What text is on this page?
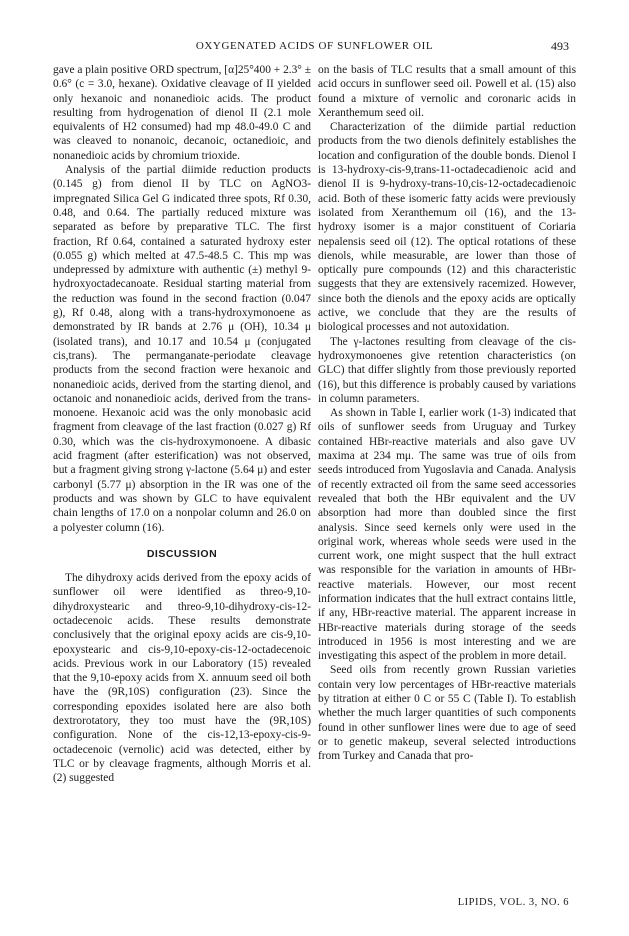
OXYGENATED ACIDS OF SUNFLOWER OIL	493

gave a plain positive ORD spectrum, [α]25°400 + 2.3° ± 0.6° (c = 3.0, hexane). Oxidative cleavage of II yielded only hexanoic and nonanedioic acids. The product resulting from hydrogenation of dienol II (2.1 mole equivalents of H2 consumed) had mp 48.0-49.0 C and was cleaved to nonanoic, decanoic, octanedioic, and nonanedioic acids by chromium trioxide.

Analysis of the partial diimide reduction products (0.145 g) from dienol II by TLC on AgNO3-impregnated Silica Gel G indicated three spots, Rf 0.30, 0.48, and 0.64. The partially reduced mixture was separated as before by preparative TLC. The first fraction, Rf 0.64, contained a saturated hydroxy ester (0.055 g) which melted at 47.5-48.5 C. This mp was undepressed by admixture with authentic (±) methyl 9-hydroxyoctadecanoate. Residual starting material from the reduction was found in the second fraction (0.047 g), Rf 0.48, along with a trans-hydroxymonoene as demonstrated by IR bands at 2.76 μ (OH), 10.34 μ (isolated trans), and 10.17 and 10.54 μ (conjugated cis,trans). The permanganate-periodate cleavage products from the second fraction were hexanoic and nonanedioic acids, derived from the starting dienol, and octanoic and nonanedioic acids, derived from the trans-monoene. Hexanoic acid was the only monobasic acid fragment from cleavage of the last fraction (0.027 g) Rf 0.30, which was the cis-hydroxymonoene. A dibasic acid fragment (after esterification) was not observed, but a fragment giving strong γ-lactone (5.64 μ) and ester carbonyl (5.77 μ) absorption in the IR was one of the products and was shown by GLC to have equivalent chain lengths of 17.0 on a nonpolar column and 26.0 on a polyester column (16).

DISCUSSION

The dihydroxy acids derived from the epoxy acids of sunflower oil were identified as threo-9,10-dihydroxystearic and threo-9,10-dihydroxy-cis-12-octadecenoic acids. These results demonstrate conclusively that the original epoxy acids are cis-9,10-epoxystearic and cis-9,10-epoxy-cis-12-octadecenoic acids. Previous work in our Laboratory (15) revealed that the 9,10-epoxy acids from X. annuum seed oil both have the (9R,10S) configuration (23). Since the corresponding epoxides isolated here are also both dextrorotatory, they too must have the (9R,10S) configuration. None of the cis-12,13-epoxy-cis-9-octadecenoic (vernolic) acid was detected, either by TLC or by cleavage fragments, although Morris et al. (2) suggested

on the basis of TLC results that a small amount of this acid occurs in sunflower seed oil. Powell et al. (15) also found a mixture of vernolic and coronaric acids in Xeranthemum seed oil.

Characterization of the diimide partial reduction products from the two dienols definitely establishes the location and configuration of the double bonds. Dienol I is 13-hydroxy-cis-9,trans-11-octadecadienoic acid and dienol II is 9-hydroxy-trans-10,cis-12-octadecadienoic acid. Both of these isomeric fatty acids were previously isolated from Xeranthemum oil (16), and the 13-hydroxy isomer is a major constituent of Coriaria nepalensis seed oil (12). The optical rotations of these dienols, while measurable, are lower than those of optically pure compounds (12) and this characteristic suggests that they are extensively racemized. However, since both the dienols and the epoxy acids are optically active, we conclude that they are the results of biological processes and not autoxidation.

The γ-lactones resulting from cleavage of the cis-hydroxymonoenes give retention characteristics (on GLC) that differ slightly from those previously reported (16), but this difference is probably caused by variations in column parameters.

As shown in Table I, earlier work (1-3) indicated that oils of sunflower seeds from Uruguay and Turkey contained HBr-reactive materials and also gave UV maxima at 234 mμ. The same was true of oils from seeds introduced from Yugoslavia and Canada. Analysis of recently extracted oil from the same seed accessories revealed that both the HBr equivalent and the UV absorption had more than doubled since the first analysis. Since seed kernels only were used in the original work, whereas whole seeds were used in the current work, one might suspect that the hull extract was responsible for the variation in amounts of HBr-reactive materials. However, our most recent information indicates that the hull extract contains little, if any, HBr-reactive material. The apparent increase in HBr-reactive materials during storage of the seeds introduced in 1956 is most interesting and we are investigating this aspect of the problem in more detail.

Seed oils from recently grown Russian varieties contain very low percentages of HBr-reactive materials by titration at either 0 C or 55 C (Table I). To establish whether the much larger quantities of such components found in other sunflower lines were due to age of seed or to genetic makeup, several selected introductions from Turkey and Canada that pro-

LIPIDS, VOL. 3, NO. 6
